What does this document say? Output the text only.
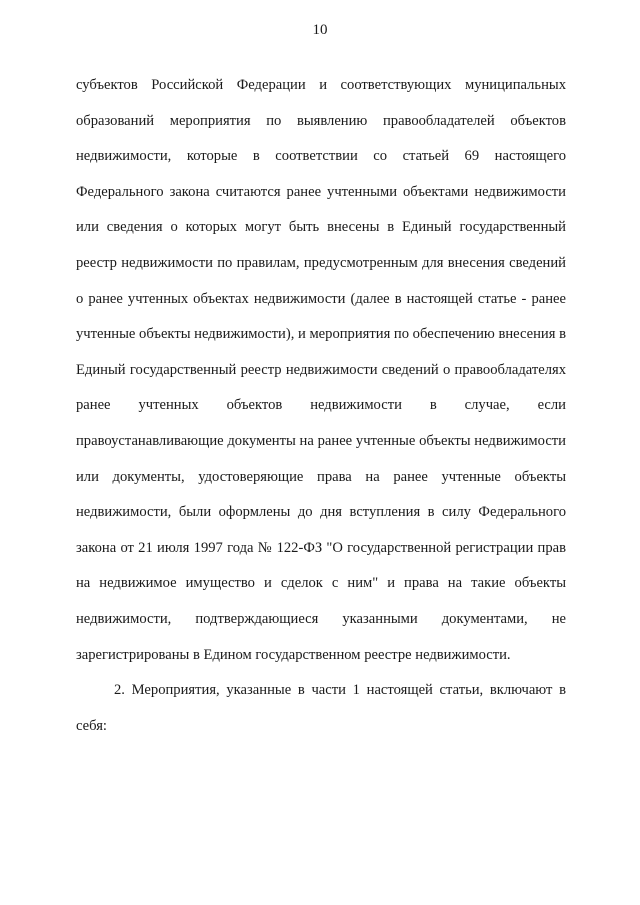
10

субъектов Российской Федерации и соответствующих муниципальных образований мероприятия по выявлению правообладателей объектов недвижимости, которые в соответствии со статьей 69 настоящего Федерального закона считаются ранее учтенными объектами недвижимости или сведения о которых могут быть внесены в Единый государственный реестр недвижимости по правилам, предусмотренным для внесения сведений о ранее учтенных объектах недвижимости (далее в настоящей статье - ранее учтенные объекты недвижимости), и мероприятия по обеспечению внесения в Единый государственный реестр недвижимости сведений о правообладателях ранее учтенных объектов недвижимости в случае, если правоустанавливающие документы на ранее учтенные объекты недвижимости или документы, удостоверяющие права на ранее учтенные объекты недвижимости, были оформлены до дня вступления в силу Федерального закона от 21 июля 1997 года № 122-ФЗ "О государственной регистрации прав на недвижимое имущество и сделок с ним" и права на такие объекты недвижимости, подтверждающиеся указанными документами, не зарегистрированы в Едином государственном реестре недвижимости.

2. Мероприятия, указанные в части 1 настоящей статьи, включают в себя:
